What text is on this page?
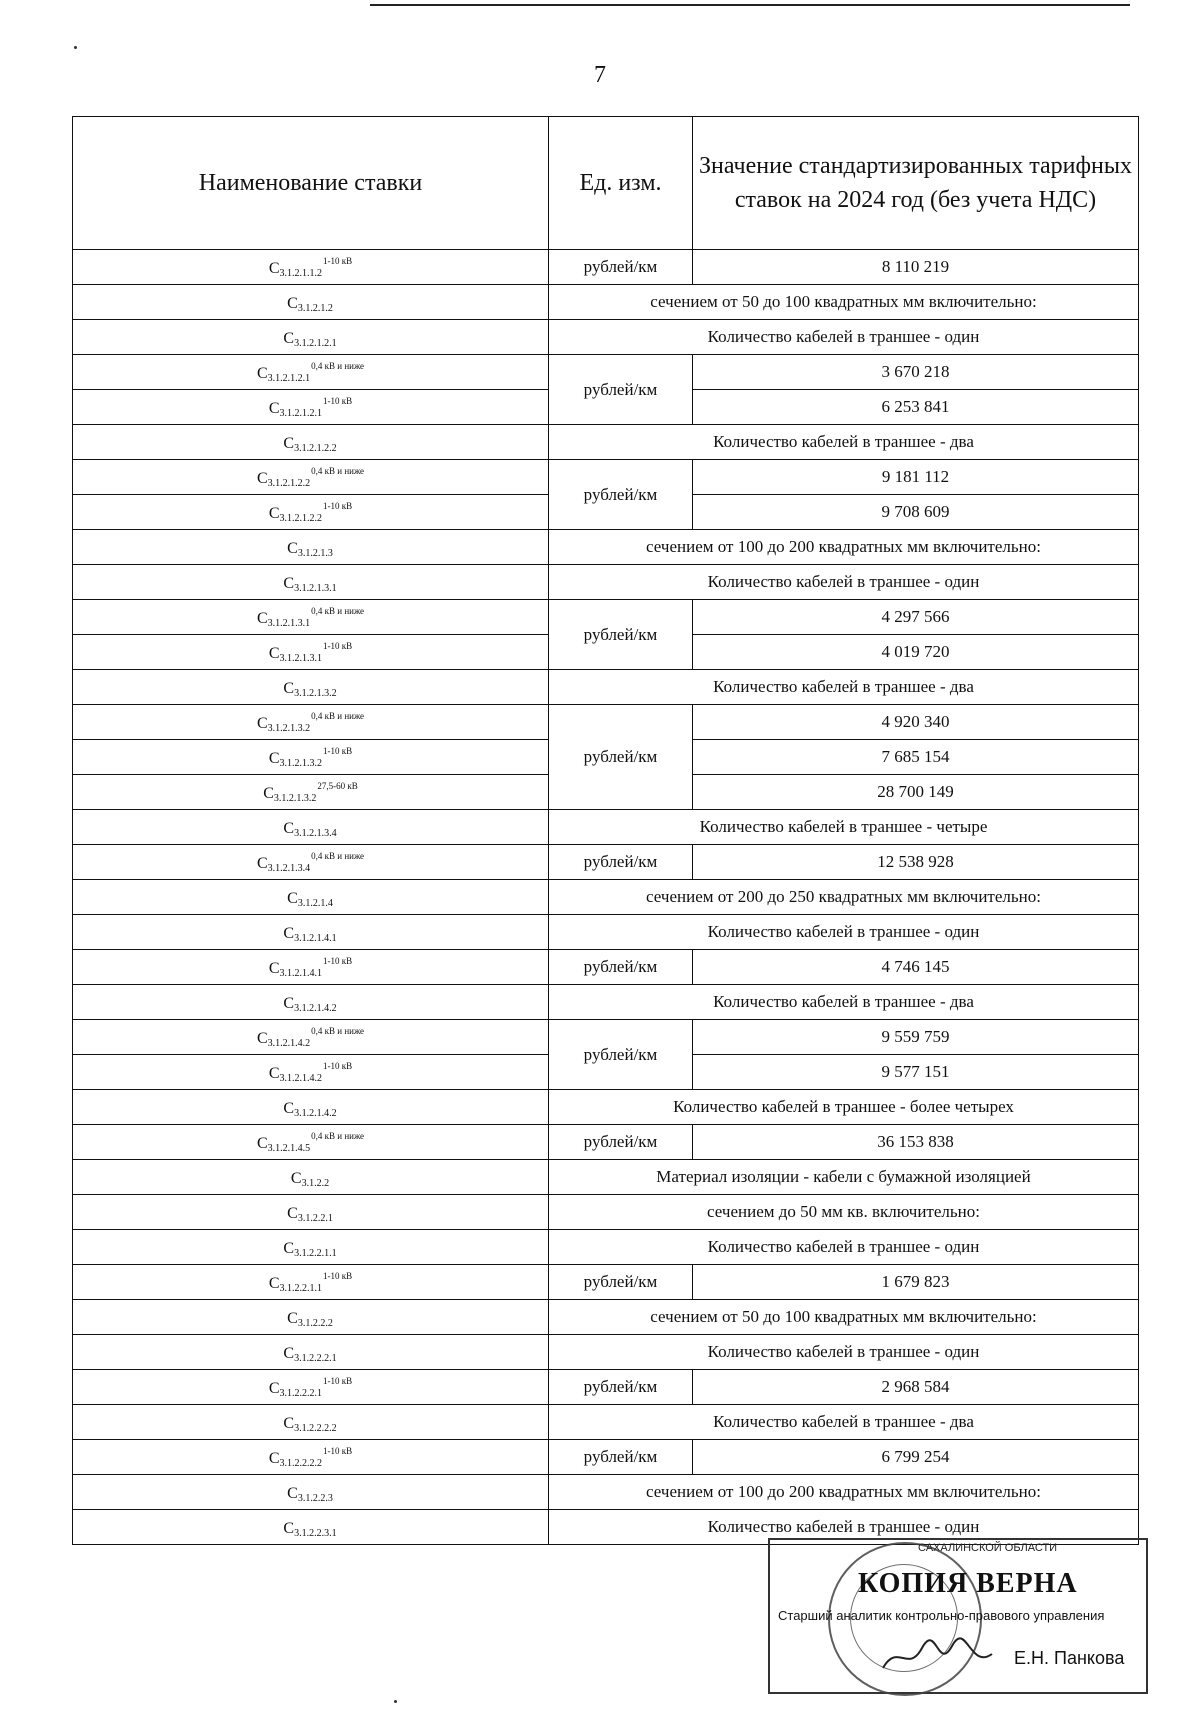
7
Наименование ставки	Ед. изм.	Значение стандартизированных тарифных ставок на 2024 год (без учета НДС)
$С_{3.1.2.1.1.2}^{1-10 кВ}$	рублей/км	8 110 219
$С_{3.1.2.1.2}$	сечением от 50 до 100 квадратных мм включительно:	
$С_{3.1.2.1.2.1}$	Количество кабелей в траншее - один	
$С_{3.1.2.1.2.1}^{0,4 кВ и ниже}$	рублей/км	3 670 218
$С_{3.1.2.1.2.1}^{1-10 кВ}$		6 253 841
$С_{3.1.2.1.2.2}$	Количество кабелей в траншее - два	
$С_{3.1.2.1.2.2}^{0,4 кВ и ниже}$	рублей/км	9 181 112
$С_{3.1.2.1.2.2}^{1-10 кВ}$		9 708 609
$С_{3.1.2.1.3}$	сечением от 100 до 200 квадратных мм включительно:	
$С_{3.1.2.1.3.1}$	Количество кабелей в траншее - один	
$С_{3.1.2.1.3.1}^{0,4 кВ и ниже}$	рублей/км	4 297 566
$С_{3.1.2.1.3.1}^{1-10 кВ}$		4 019 720
$С_{3.1.2.1.3.2}$	Количество кабелей в траншее - два	
$С_{3.1.2.1.3.2}^{0,4 кВ и ниже}$	рублей/км	4 920 340
$С_{3.1.2.1.3.2}^{1-10 кВ}$		7 685 154
$С_{3.1.2.1.3.2}^{27,5-60 кВ}$		28 700 149
$С_{3.1.2.1.3.4}$	Количество кабелей в траншее - четыре	
$С_{3.1.2.1.3.4}^{0,4 кВ и ниже}$	рублей/км	12 538 928
$С_{3.1.2.1.4}$	сечением от 200 до 250 квадратных мм включительно:	
$С_{3.1.2.1.4.1}$	Количество кабелей в траншее - один	
$С_{3.1.2.1.4.1}^{1-10 кВ}$	рублей/км	4 746 145
$С_{3.1.2.1.4.2}$	Количество кабелей в траншее - два	
$С_{3.1.2.1.4.2}^{0,4 кВ и ниже}$	рублей/км	9 559 759
$С_{3.1.2.1.4.2}^{1-10 кВ}$		9 577 151
$С_{3.1.2.1.4.2}$	Количество кабелей в траншее - более четырех	
$С_{3.1.2.1.4.5}^{0,4 кВ и ниже}$	рублей/км	36 153 838
$С_{3.1.2.2}$	Материал изоляции - кабели с бумажной изоляцией	
$С_{3.1.2.2.1}$	сечением до 50 мм кв. включительно:	
$С_{3.1.2.2.1.1}$	Количество кабелей в траншее - один	
$С_{3.1.2.2.1.1}^{1-10 кВ}$	рублей/км	1 679 823
$С_{3.1.2.2.2}$	сечением от 50 до 100 квадратных мм включительно:	
$С_{3.1.2.2.2.1}$	Количество кабелей в траншее - один	
$С_{3.1.2.2.2.1}^{1-10 кВ}$	рублей/км	2 968 584
$С_{3.1.2.2.2.2}$	Количество кабелей в траншее - два	
$С_{3.1.2.2.2.2}^{1-10 кВ}$	рублей/км	6 799 254
$С_{3.1.2.2.3}$	сечением от 100 до 200 квадратных мм включительно:	
$С_{3.1.2.2.3.1}$	Количество кабелей в траншее - один	
САХАЛИНСКОЙ ОБЛАСТИ
КОПИЯ ВЕРНА
Старший аналитик контрольно-правового управления
Е.Н. Панкова
